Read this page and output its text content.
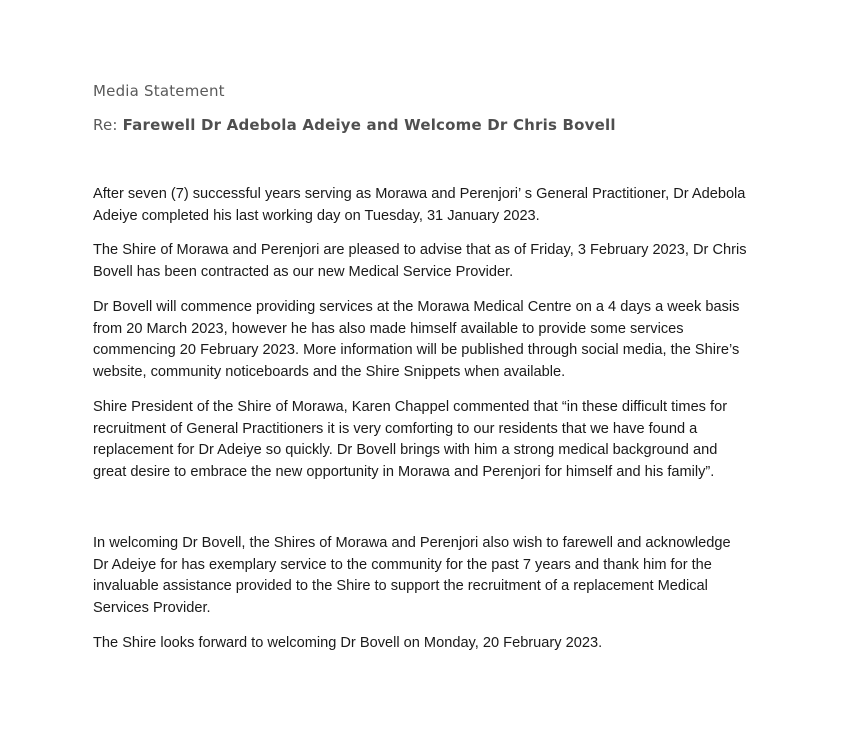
Media Statement
Re: Farewell Dr Adebola Adeiye and Welcome Dr Chris Bovell

After seven (7) successful years serving as Morawa and Perenjori’ s General Practitioner, Dr Adebola
Adeiye completed his last working day on Tuesday, 31 January 2023.

The Shire of Morawa and Perenjori are pleased to advise that as of Friday, 3 February 2023, Dr Chris
Bovell has been contracted as our new Medical Service Provider.

Dr Bovell will commence providing services at the Morawa Medical Centre on a 4 days a week basis
from 20 March 2023, however he has also made himself available to provide some services
commencing 20 February 2023. More information will be published through social media, the Shire’s
website, community noticeboards and the Shire Snippets when available.

Shire President of the Shire of Morawa, Karen Chappel commented that “in these difficult times for
recruitment of General Practitioners it is very comforting to our residents that we have found a
replacement for Dr Adeiye so quickly. Dr Bovell brings with him a strong medical background and
great desire to embrace the new opportunity in Morawa and Perenjori for himself and his family”.

In welcoming Dr Bovell, the Shires of Morawa and Perenjori also wish to farewell and acknowledge
Dr Adeiye for has exemplary service to the community for the past 7 years and thank him for the
invaluable assistance provided to the Shire to support the recruitment of a replacement Medical
Services Provider.

The Shire looks forward to welcoming Dr Bovell on Monday, 20 February 2023.
